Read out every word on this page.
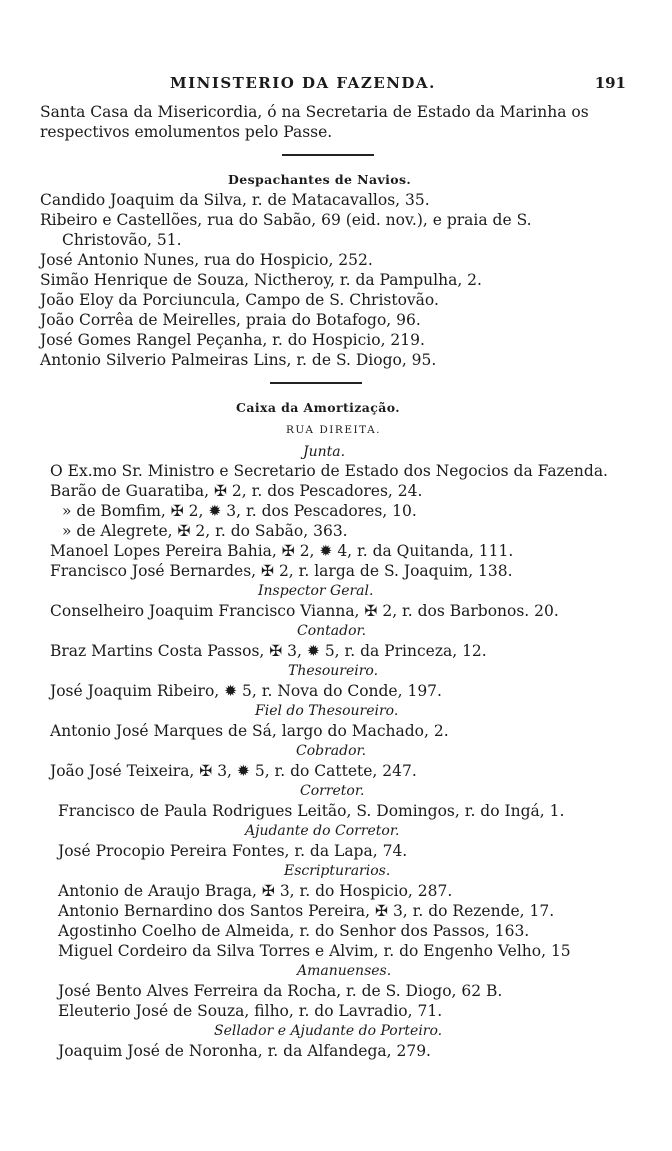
MINISTERIO DA FAZENDA.	191
Santa Casa da Misericordia, ó na Secretaria de Estado da Marinha os
respectivos emolumentos pelo Passe.
Despachantes de Navios.
Candido Joaquim da Silva, r. de Matacavallos, 35.
Ribeiro e Castellões, rua do Sabão, 69 (eid. nov.), e praia de S.
Christovão, 51.
José Antonio Nunes, rua do Hospicio, 252.
Simão Henrique de Souza, Nictheroy, r. da Pampulha, 2.
João Eloy da Porciuncula, Campo de S. Christovão.
João Corrêa de Meirelles, praia do Botafogo, 96.
José Gomes Rangel Peçanha, r. do Hospicio, 219.
Antonio Silverio Palmeiras Lins, r. de S. Diogo, 95.
Caixa da Amortização.
RUA DIREITA.
Junta.
O Ex.mo Sr. Ministro e Secretario de Estado dos Negocios da Fazenda.
Barão de Guaratiba, ✠ 2, r. dos Pescadores, 24.
» de Bomfim, ✠ 2, ✹ 3, r. dos Pescadores, 10.
» de Alegrete, ✠ 2, r. do Sabão, 363.
Manoel Lopes Pereira Bahia, ✠ 2, ✹ 4, r. da Quitanda, 111.
Francisco José Bernardes, ✠ 2, r. larga de S. Joaquim, 138.
Inspector Geral.
Conselheiro Joaquim Francisco Vianna, ✠ 2, r. dos Barbonos. 20.
Contador.
Braz Martins Costa Passos, ✠ 3, ✹ 5, r. da Princeza, 12.
Thesoureiro.
José Joaquim Ribeiro, ✹ 5, r. Nova do Conde, 197.
Fiel do Thesoureiro.
Antonio José Marques de Sá, largo do Machado, 2.
Cobrador.
João José Teixeira, ✠ 3, ✹ 5, r. do Cattete, 247.
Corretor.
Francisco de Paula Rodrigues Leitão, S. Domingos, r. do Ingá, 1.
Ajudante do Corretor.
José Procopio Pereira Fontes, r. da Lapa, 74.
Escripturarios.
Antonio de Araujo Braga, ✠ 3, r. do Hospicio, 287.
Antonio Bernardino dos Santos Pereira, ✠ 3, r. do Rezende, 17.
Agostinho Coelho de Almeida, r. do Senhor dos Passos, 163.
Miguel Cordeiro da Silva Torres e Alvim, r. do Engenho Velho, 15
Amanuenses.
José Bento Alves Ferreira da Rocha, r. de S. Diogo, 62 B.
Eleuterio José de Souza, filho, r. do Lavradio, 71.
Sellador e Ajudante do Porteiro.
Joaquim José de Noronha, r. da Alfandega, 279.
